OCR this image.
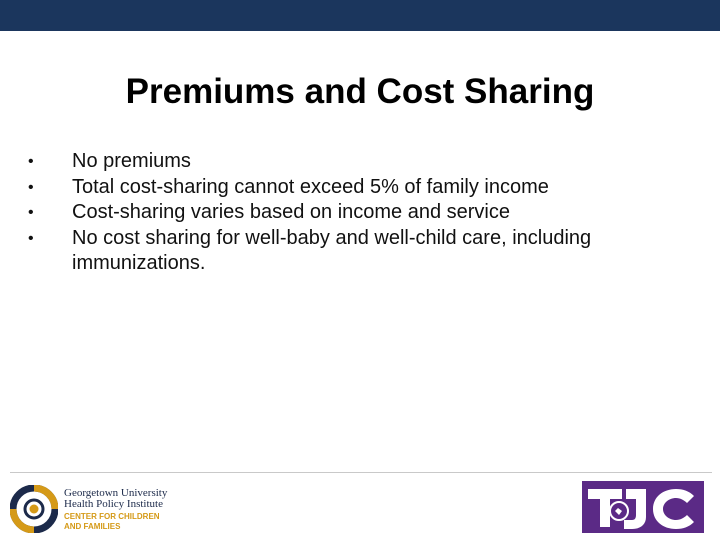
Premiums and Cost Sharing
•	No premiums
•	Total cost-sharing cannot exceed 5% of family income
•	Cost-sharing varies based on income and service
•	No cost sharing for well-baby and well-child care, including immunizations.
Georgetown University
Health Policy Institute
CENTER FOR CHILDREN
AND FAMILIES
